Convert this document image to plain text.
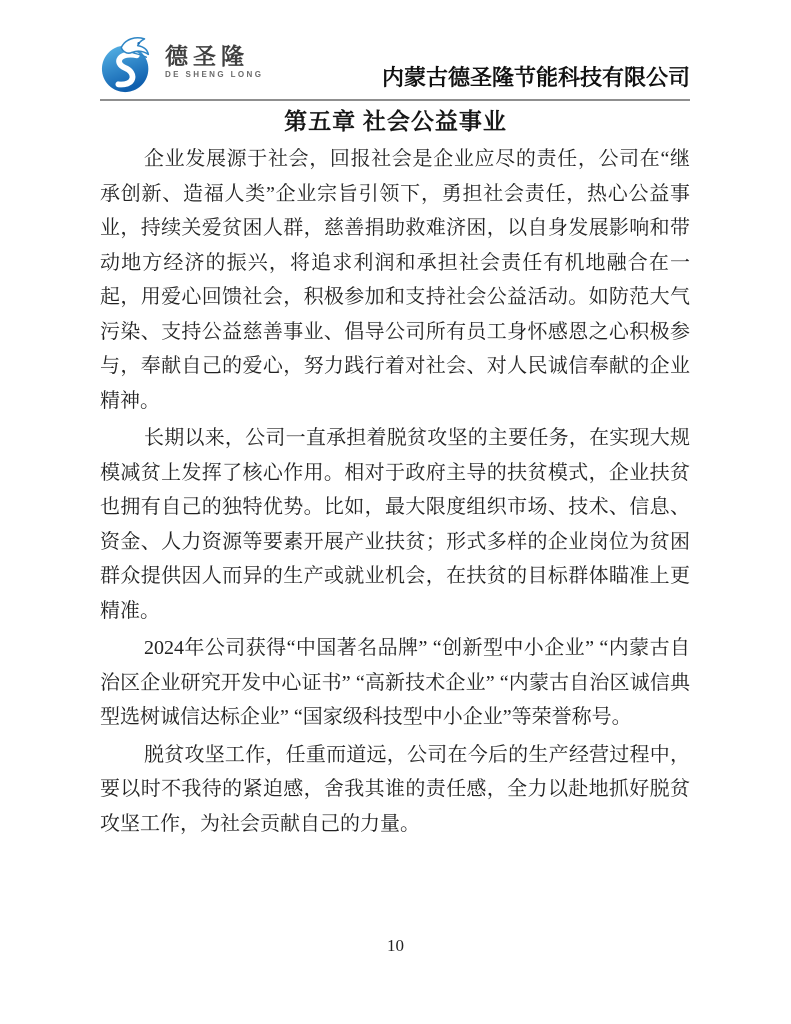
德圣隆
DE SHENG LONG	内蒙古德圣隆节能科技有限公司
第五章 社会公益事业

企业发展源于社会，回报社会是企业应尽的责任，公司在“继承创新、造福人类”企业宗旨引领下，勇担社会责任，热心公益事业，持续关爱贫困人群，慈善捐助救难济困，以自身发展影响和带动地方经济的振兴，将追求利润和承担社会责任有机地融合在一起，用爱心回馈社会，积极参加和支持社会公益活动。如防范大气污染、支持公益慈善事业、倡导公司所有员工身怀感恩之心积极参与，奉献自己的爱心，努力践行着对社会、对人民诚信奉献的企业精神。

长期以来，公司一直承担着脱贫攻坚的主要任务，在实现大规模减贫上发挥了核心作用。相对于政府主导的扶贫模式，企业扶贫也拥有自己的独特优势。比如，最大限度组织市场、技术、信息、资金、人力资源等要素开展产业扶贫；形式多样的企业岗位为贫困群众提供因人而异的生产或就业机会，在扶贫的目标群体瞄准上更精准。

2024年公司获得“中国著名品牌” “创新型中小企业” “内蒙古自治区企业研究开发中心证书” “高新技术企业” “内蒙古自治区诚信典型选树诚信达标企业” “国家级科技型中小企业”等荣誉称号。

脱贫攻坚工作，任重而道远，公司在今后的生产经营过程中，要以时不我待的紧迫感，舍我其谁的责任感，全力以赴地抓好脱贫攻坚工作，为社会贡献自己的力量。

10
